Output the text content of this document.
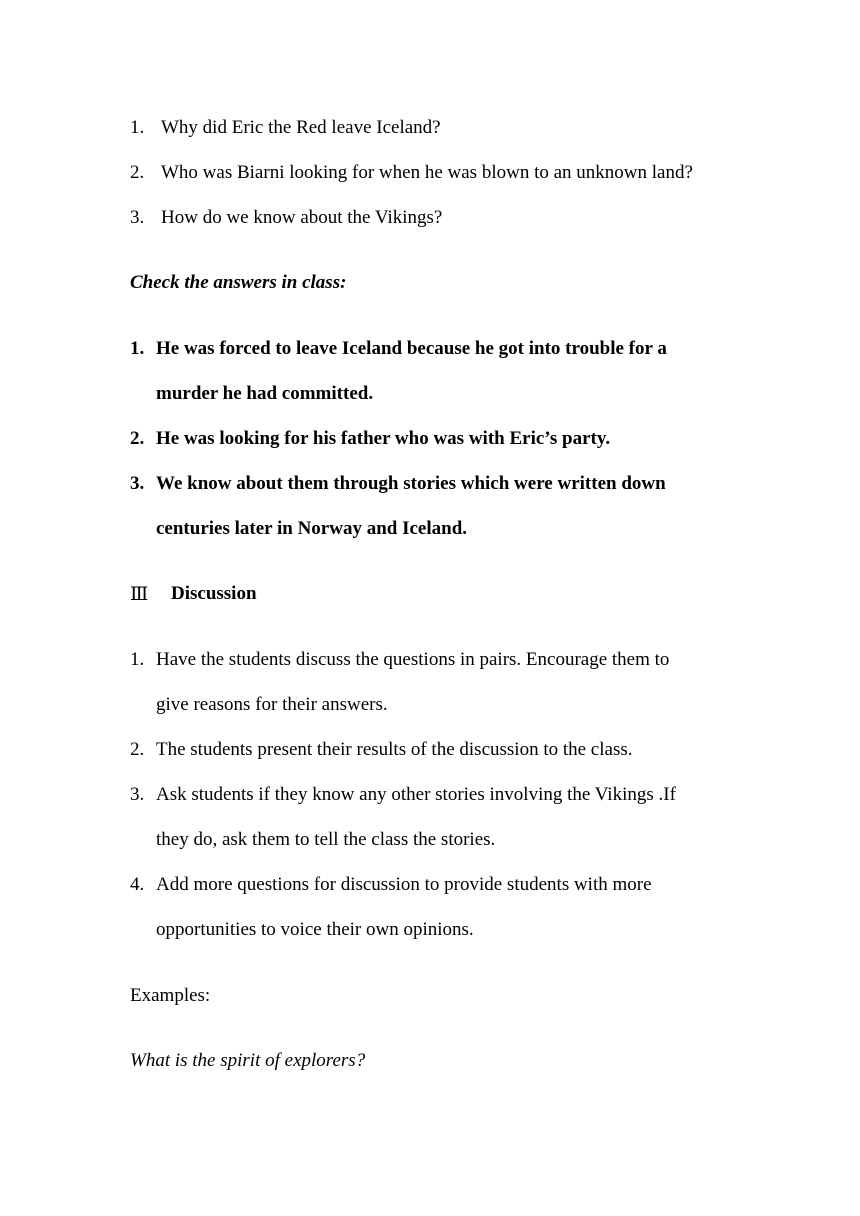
1. Why did Eric the Red leave Iceland?
2. Who was Biarni looking for when he was blown to an unknown land?
3. How do we know about the Vikings?
Check the answers in class:
1. He was forced to leave Iceland because he got into trouble for a
murder he had committed.
2. He was looking for his father who was with Eric’s party.
3. We know about them through stories which were written down
centuries later in Norway and Iceland.
Ⅲ Discussion
1. Have the students discuss the questions in pairs. Encourage them to
give reasons for their answers.
2. The students present their results of the discussion to the class.
3. Ask students if they know any other stories involving the Vikings .If
they do, ask them to tell the class the stories.
4. Add more questions for discussion to provide students with more
opportunities to voice their own opinions.
Examples:
What is the spirit of explorers?
